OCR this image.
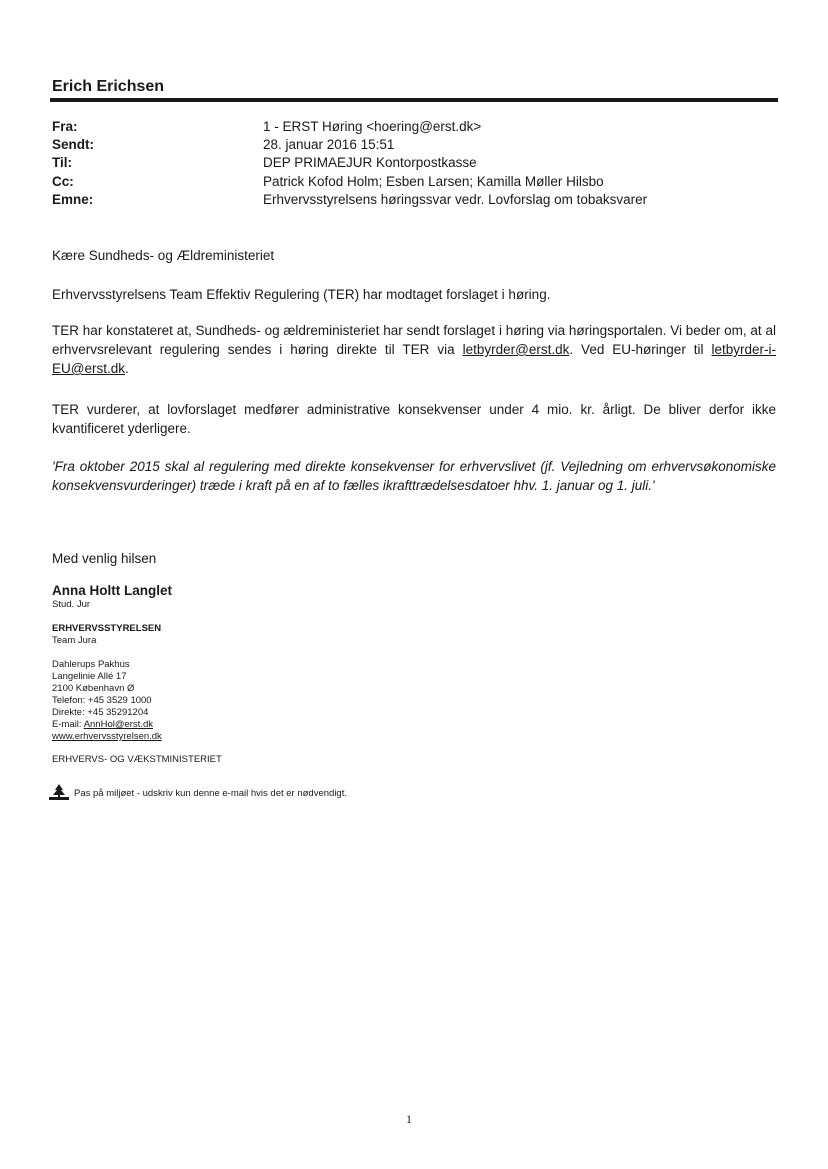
Erich Erichsen
Fra:	1 - ERST Høring <hoering@erst.dk>
Sendt:	28. januar 2016 15:51
Til:	DEP PRIMAEJUR Kontorpostkasse
Cc:	Patrick Kofod Holm; Esben Larsen; Kamilla Møller Hilsbo
Emne:	Erhvervsstyrelsens høringssvar vedr. Lovforslag om tobaksvarer
Kære Sundheds- og Ældreministeriet
Erhvervsstyrelsens Team Effektiv Regulering (TER) har modtaget forslaget i høring.
TER har konstateret at, Sundheds- og ældreministeriet har sendt forslaget i høring via høringsportalen. Vi beder om, at al erhvervsrelevant regulering sendes i høring direkte til TER via letbyrder@erst.dk. Ved EU-høringer til letbyrder-i-EU@erst.dk.
TER vurderer, at lovforslaget medfører administrative konsekvenser under 4 mio. kr. årligt. De bliver derfor ikke kvantificeret yderligere.
'Fra oktober 2015 skal al regulering med direkte konsekvenser for erhvervslivet (jf. Vejledning om erhvervsøkonomiske konsekvensvurderinger) træde i kraft på en af to fælles ikrafttrædelsesdatoer hhv. 1. januar og 1. juli.'
Med venlig hilsen
Anna Holtt Langlet
Stud. Jur
ERHVERVSSTYRELSEN
Team Jura
Dahlerups Pakhus
Langelinie Allé 17
2100 København Ø
Telefon: +45 3529 1000
Direkte: +45 35291204
E-mail: AnnHol@erst.dk
www.erhvervsstyrelsen.dk
ERHVERVS- OG VÆKSTMINISTERIET
Pas på miljøet - udskriv kun denne e-mail hvis det er nødvendigt.
1
